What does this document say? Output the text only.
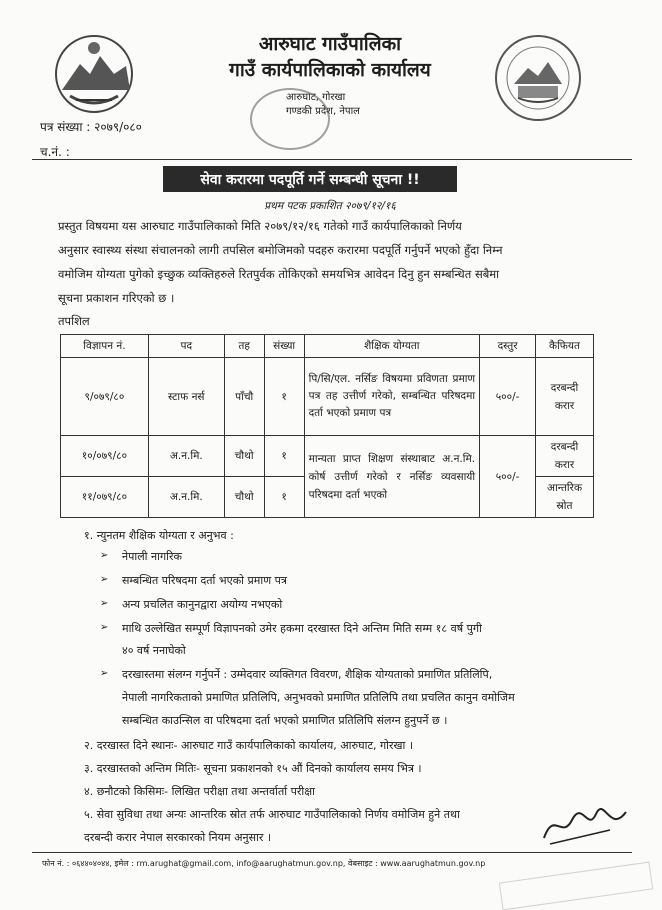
आरुघाट गाउँपालिका
गाउँ कार्यपालिकाको कार्यालय
आरुघाट, गोरखा
गण्डकी प्रदेश, नेपाल
पत्र संख्या : २०७९/०८०
च.नं. :
सेवा करारमा पदपूर्ति गर्ने सम्बन्धी सूचना !!
प्रथम पटक प्रकाशित २०७९/१२/१६
प्रस्तुत विषयमा यस आरुघाट गाउँपालिकाको मिति २०७९/१२/१६ गतेको गाउँ कार्यपालिकाको निर्णय
अनुसार स्वास्थ्य संस्था संचालनको लागी तपसिल बमोजिमको पदहरु करारमा पदपूर्ति गर्नुपर्ने भएको हुँदा निम्न
वमोजिम योग्यता पुगेको इच्छुक व्यक्तिहरुले रितपुर्वक तोकिएको समयभित्र आवेदन दिनु हुन सम्बन्धित सबैमा
सूचना प्रकाशन गरिएको छ ।
तपशिल
विज्ञापन नं.	पद	तह	संख्या	शैक्षिक योग्यता	दस्तुर	कैफियत
९/०७९/८०	स्टाफ नर्स	पाँचौ	१	पि/सि/एल. नर्सिङ विषयमा प्रविणता प्रमाण पत्र तह उत्तीर्ण गरेको, सम्बन्धित परिषदमा दर्ता भएको प्रमाण पत्र	५००/-	दरबन्दी करार
१०/०७९/८०	अ.न.मि.	चौथो	१	मान्यता प्राप्त शिक्षण संस्थाबाट अ.न.मि. कोर्ष उत्तीर्ण गरेको र नर्सिङ व्यवसायी परिषदमा दर्ता भएको	५००/-	दरबन्दी करार
११/०७९/८०	अ.न.मि.	चौथो	१			आन्तरिक स्रोत
१. न्युनतम शैक्षिक योग्यता र अनुभव :
➢ नेपाली नागरिक
➢ सम्बन्धित परिषदमा दर्ता भएको प्रमाण पत्र
➢ अन्य प्रचलित कानुनद्वारा अयोग्य नभएको
➢ माथि उल्लेखित सम्पूर्ण विज्ञापनको उमेर हकमा दरखास्त दिने अन्तिम मिति सम्म १८ वर्ष पुगी
४० वर्ष ननाघेको
➢ दरखास्तमा संलग्न गर्नुपर्ने : उम्मेदवार व्यक्तिगत विवरण, शैक्षिक योग्यताको प्रमाणित प्रतिलिपि,
नेपाली नागरिकताको प्रमाणित प्रतिलिपि, अनुभवको प्रमाणित प्रतिलिपि तथा प्रचलित कानुन वमोजिम
सम्बन्धित काउन्सिल वा परिषदमा दर्ता भएको प्रमाणित प्रतिलिपि संलग्न हुनुपर्ने छ ।
२. दरखास्त दिने स्थानः- आरुघाट गाउँ कार्यपालिकाको कार्यालय, आरुघाट, गोरखा ।
३. दरखास्तको अन्तिम मितिः- सूचना प्रकाशनको १५ औं दिनको कार्यालय समय भित्र ।
४. छनौटको किसिमः- लिखित परीक्षा तथा अन्तर्वार्ता परीक्षा
५. सेवा सुविधा तथा अन्यः आन्तरिक स्रोत तर्फ आरुघाट गाउँपालिकाको निर्णय वमोजिम हुने तथा
दरबन्दी करार नेपाल सरकारको नियम अनुसार ।
फोन नं. : ०६४४०४०४४, इमेल : rm.arughat@gmail.com, info@aarughatmun.gov.np, वेबसाइट : www.aarughatmun.gov.np
